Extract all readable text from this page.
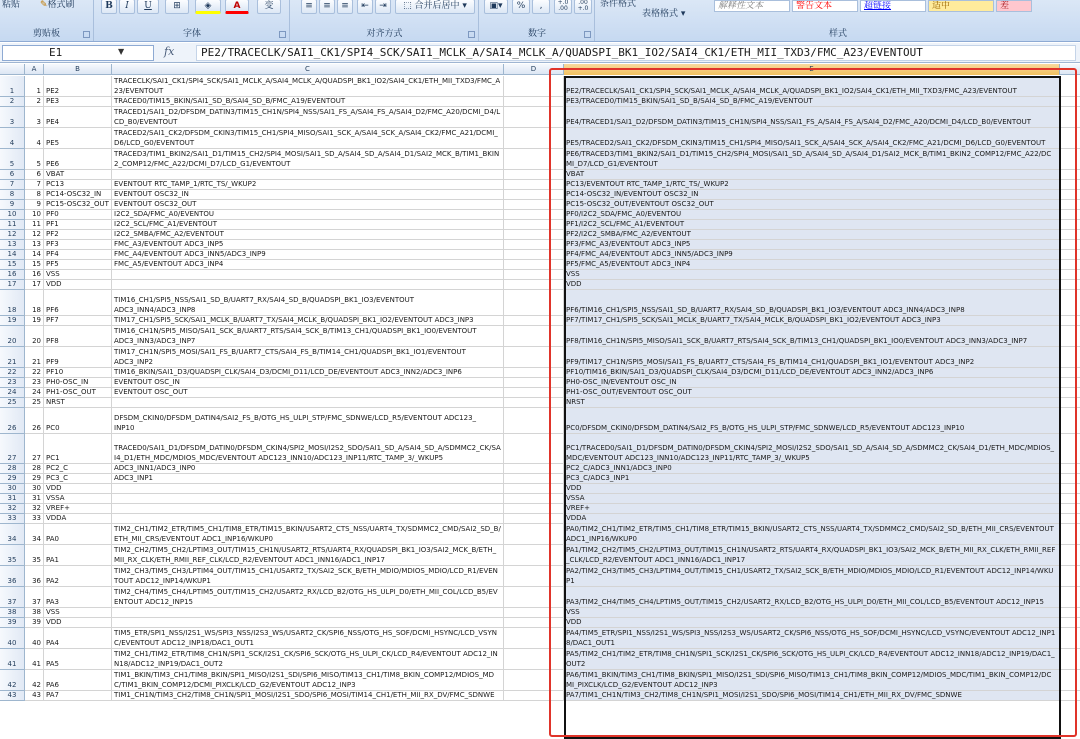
粘贴 ✎格式刷
剪贴板
B	I	U	⊞	◈	A	变
字体
≡	≡	≡	⇤	⇥	⬚ 合并后居中 ▾
对齐方式
▣▾	%	,	+.0 .00
.00 +.0
数字
条件格式
表格格式 ▾
解释性文本	警告文本	超链接	适中	差
样式
E1	▼	fx	PE2/TRACECLK/SAI1_CK1/SPI4_SCK/SAI1_MCLK_A/SAI4_MCLK_A/QUADSPI_BK1_IO2/SAI4_CK1/ETH_MII_TXD3/FMC_A23/EVENTOUT
A	B	C	D	E
1	1 PE2
TRACECLK/SAI1_CK1/SPI4_SCK/SAI1_MCLK_A/SAI4_MCLK_A/QUADSPI_BK1_IO2/SAI4_CK1/ETH_MII_TXD3/FMC_A23/EVENTOUT	PE2/TRACECLK/SAI1_CK1/SPI4_SCK/SAI1_MCLK_A/SAI4_MCLK_A/QUADSPI_BK1_IO2/SAI4_CK1/ETH_MII_TXD3/FMC_A23/EVENTOUT
2	2 PE3	TRACED0/TIM15_BKIN/SAI1_SD_B/SAI4_SD_B/FMC_A19/EVENTOUT	PE3/TRACED0/TIM15_BKIN/SAI1_SD_B/SAI4_SD_B/FMC_A19/EVENTOUT
3	3 PE4
TRACED1/SAI1_D2/DFSDM_DATIN3/TIM15_CH1N/SPI4_NSS/SAI1_FS_A/SAI4_FS_A/SAI4_D2/FMC_A20/DCMI_D4/LCD_B0/EVENTOUT	PE4/TRACED1/SAI1_D2/DFSDM_DATIN3/TIM15_CH1N/SPI4_NSS/SAI1_FS_A/SAI4_FS_A/SAI4_D2/FMC_A20/DCMI_D4/LCD_B0/EVENTOUT
4	4 PE5
TRACED2/SAI1_CK2/DFSDM_CKIN3/TIM15_CH1/SPI4_MISO/SAI1_SCK_A/SAI4_SCK_A/SAI4_CK2/FMC_A21/DCMI_D6/LCD_G0/EVENTOUT	PE5/TRACED2/SAI1_CK2/DFSDM_CKIN3/TIM15_CH1/SPI4_MISO/SAI1_SCK_A/SAI4_SCK_A/SAI4_CK2/FMC_A21/DCMI_D6/LCD_G0/EVENTOUT
5	5 PE6
TRACED3/TIM1_BKIN2/SAI1_D1/TIM15_CH2/SPI4_MOSI/SAI1_SD_A/SAI4_SD_A/SAI4_D1/SAI2_MCK_B/TIM1_BKIN2_COMP12/FMC_A22/DCMI_D7/LCD_G1/EVENTOUT
PE6/TRACED3/TIM1_BKIN2/SAI1_D1/TIM15_CH2/SPI4_MOSI/SAI1_SD_A/SAI4_SD_A/SAI4_D1/SAI2_MCK_B/TIM1_BKIN2_COMP12/FMC_A22/DCMI_D7/LCD_G1/EVENTOUT
6	6 VBAT	VBAT
7	7 PC13	EVENTOUT RTC_TAMP_1/RTC_TS/_WKUP2	PC13/EVENTOUT RTC_TAMP_1/RTC_TS/_WKUP2
8	8 PC14-OSC32_IN	EVENTOUT OSC32_IN	PC14-OSC32_IN/EVENTOUT OSC32_IN
9	9 PC15-OSC32_OUT EVENTOUT OSC32_OUT	PC15-OSC32_OUT/EVENTOUT OSC32_OUT
10	10 PF0	I2C2_SDA/FMC_A0/EVENTOU	PF0/I2C2_SDA/FMC_A0/EVENTOU
11	11 PF1	I2C2_SCL/FMC_A1/EVENTOUT	PF1/I2C2_SCL/FMC_A1/EVENTOUT
12	12 PF2	I2C2_SMBA/FMC_A2/EVENTOUT	PF2/I2C2_SMBA/FMC_A2/EVENTOUT
13	13 PF3	FMC_A3/EVENTOUT ADC3_INP5	PF3/FMC_A3/EVENTOUT ADC3_INP5
14	14 PF4	FMC_A4/EVENTOUT ADC3_INN5/ADC3_INP9	PF4/FMC_A4/EVENTOUT ADC3_INN5/ADC3_INP9
15	15 PF5	FMC_A5/EVENTOUT ADC3_INP4	PF5/FMC_A5/EVENTOUT ADC3_INP4
16	16 VSS	VSS
17	17 VDD	VDD
18	18 PF6
TIM16_CH1/SPI5_NSS/SAI1_SD_B/UART7_RX/SAI4_SD_B/QUADSPI_BK1_IO3/EVENTOUT
ADC3_INN4/ADC3_INP8	PF6/TIM16_CH1/SPI5_NSS/SAI1_SD_B/UART7_RX/SAI4_SD_B/QUADSPI_BK1_IO3/EVENTOUT ADC3_INN4/ADC3_INP8
19	19 PF7	TIM17_CH1/SPI5_SCK/SAI1_MCLK_B/UART7_TX/SAI4_MCLK_B/QUADSPI_BK1_IO2/EVENTOUT ADC3_INP3	PF7/TIM17_CH1/SPI5_SCK/SAI1_MCLK_B/UART7_TX/SAI4_MCLK_B/QUADSPI_BK1_IO2/EVENTOUT ADC3_INP3
20	20 PF8
TIM16_CH1N/SPI5_MISO/SAI1_SCK_B/UART7_RTS/SAI4_SCK_B/TIM13_CH1/QUADSPI_BK1_IO0/EVENTOUT
ADC3_INN3/ADC3_INP7	PF8/TIM16_CH1N/SPI5_MISO/SAI1_SCK_B/UART7_RTS/SAI4_SCK_B/TIM13_CH1/QUADSPI_BK1_IO0/EVENTOUT ADC3_INN3/ADC3_INP7
21	21 PF9
TIM17_CH1N/SPI5_MOSI/SAI1_FS_B/UART7_CTS/SAI4_FS_B/TIM14_CH1/QUADSPI_BK1_IO1/EVENTOUT
ADC3_INP2	PF9/TIM17_CH1N/SPI5_MOSI/SAI1_FS_B/UART7_CTS/SAI4_FS_B/TIM14_CH1/QUADSPI_BK1_IO1/EVENTOUT ADC3_INP2
22	22 PF10	TIM16_BKIN/SAI1_D3/QUADSPI_CLK/SAI4_D3/DCMI_D11/LCD_DE/EVENTOUT ADC3_INN2/ADC3_INP6	PF10/TIM16_BKIN/SAI1_D3/QUADSPI_CLK/SAI4_D3/DCMI_D11/LCD_DE/EVENTOUT ADC3_INN2/ADC3_INP6
23	23 PH0-OSC_IN	EVENTOUT OSC_IN	PH0-OSC_IN/EVENTOUT OSC_IN
24	24 PH1-OSC_OUT	EVENTOUT OSC_OUT	PH1-OSC_OUT/EVENTOUT OSC_OUT
25	25 NRST	NRST
26	26 PC0
DFSDM_CKIN0/DFSDM_DATIN4/SAI2_FS_B/OTG_HS_ULPI_STP/FMC_SDNWE/LCD_R5/EVENTOUT ADC123_
INP10	PC0/DFSDM_CKIN0/DFSDM_DATIN4/SAI2_FS_B/OTG_HS_ULPI_STP/FMC_SDNWE/LCD_R5/EVENTOUT ADC123_INP10
27	27 PC1
TRACED0/SAI1_D1/DFSDM_DATIN0/DFSDM_CKIN4/SPI2_MOSI/I2S2_SDO/SAI1_SD_A/SAI4_SD_A/SDMMC2_CK/SAI4_D1/ETH_MDC/MDIOS_MDC/EVENTOUT ADC123_INN10/ADC123_INP11/RTC_TAMP_3/_WKUP5
PC1/TRACED0/SAI1_D1/DFSDM_DATIN0/DFSDM_CKIN4/SPI2_MOSI/I2S2_SDO/SAI1_SD_A/SAI4_SD_A/SDMMC2_CK/SAI4_D1/ETH_MDC/MDIOS_MDC/EVENTOUT ADC123_INN10/ADC123_INP11/RTC_TAMP_3/_WKUP5
28	28 PC2_C	ADC3_INN1/ADC3_INP0	PC2_C/ADC3_INN1/ADC3_INP0
29	29 PC3_C	ADC3_INP1	PC3_C/ADC3_INP1
30	30 VDD	VDD
31	31 VSSA	VSSA
32	32 VREF+	VREF+
33	33 VDDA	VDDA
34	34 PA0
TIM2_CH1/TIM2_ETR/TIM5_CH1/TIM8_ETR/TIM15_BKIN/USART2_CTS_NSS/UART4_TX/SDMMC2_CMD/SAI2_SD_B/ETH_MII_CRS/EVENTOUT ADC1_INP16/WKUP0
PA0/TIM2_CH1/TIM2_ETR/TIM5_CH1/TIM8_ETR/TIM15_BKIN/USART2_CTS_NSS/UART4_TX/SDMMC2_CMD/SAI2_SD_B/ETH_MII_CRS/EVENTOUT ADC1_INP16/WKUP0
35	35 PA1
TIM2_CH2/TIM5_CH2/LPTIM3_OUT/TIM15_CH1N/USART2_RTS/UART4_RX/QUADSPI_BK1_IO3/SAI2_MCK_B/ETH_MII_RX_CLK/ETH_RMII_REF_CLK/LCD_R2/EVENTOUT ADC1_INN16/ADC1_INP17
PA1/TIM2_CH2/TIM5_CH2/LPTIM3_OUT/TIM15_CH1N/USART2_RTS/UART4_RX/QUADSPI_BK1_IO3/SAI2_MCK_B/ETH_MII_RX_CLK/ETH_RMII_REF_CLK/LCD_R2/EVENTOUT ADC1_INN16/ADC1_INP17
36	36 PA2
TIM2_CH3/TIM5_CH3/LPTIM4_OUT/TIM15_CH1/USART2_TX/SAI2_SCK_B/ETH_MDIO/MDIOS_MDIO/LCD_R1/EVENTOUT ADC12_INP14/WKUP1
PA2/TIM2_CH3/TIM5_CH3/LPTIM4_OUT/TIM15_CH1/USART2_TX/SAI2_SCK_B/ETH_MDIO/MDIOS_MDIO/LCD_R1/EVENTOUT ADC12_INP14/WKUP1
37	37 PA3
TIM2_CH4/TIM5_CH4/LPTIM5_OUT/TIM15_CH2/USART2_RX/LCD_B2/OTG_HS_ULPI_D0/ETH_MII_COL/LCD_B5/EVENTOUT ADC12_INP15	PA3/TIM2_CH4/TIM5_CH4/LPTIM5_OUT/TIM15_CH2/USART2_RX/LCD_B2/OTG_HS_ULPI_D0/ETH_MII_COL/LCD_B5/EVENTOUT ADC12_INP15
38	38 VSS	VSS
39	39 VDD	VDD
40	40 PA4
TIM5_ETR/SPI1_NSS/I2S1_WS/SPI3_NSS/I2S3_WS/USART2_CK/SPI6_NSS/OTG_HS_SOF/DCMI_HSYNC/LCD_VSYNC/EVENTOUT ADC12_INP18/DAC1_OUT1
PA4/TIM5_ETR/SPI1_NSS/I2S1_WS/SPI3_NSS/I2S3_WS/USART2_CK/SPI6_NSS/OTG_HS_SOF/DCMI_HSYNC/LCD_VSYNC/EVENTOUT ADC12_INP18/DAC1_OUT1
41	41 PA5
TIM2_CH1/TIM2_ETR/TIM8_CH1N/SPI1_SCK/I2S1_CK/SPI6_SCK/OTG_HS_ULPI_CK/LCD_R4/EVENTOUT ADC12_INN18/ADC12_INP19/DAC1_OUT2
PA5/TIM2_CH1/TIM2_ETR/TIM8_CH1N/SPI1_SCK/I2S1_CK/SPI6_SCK/OTG_HS_ULPI_CK/LCD_R4/EVENTOUT ADC12_INN18/ADC12_INP19/DAC1_OUT2
42	42 PA6
TIM1_BKIN/TIM3_CH1/TIM8_BKIN/SPI1_MISO/I2S1_SDI/SPI6_MISO/TIM13_CH1/TIM8_BKIN_COMP12/MDIOS_MDC/TIM1_BKIN_COMP12/DCMI_PIXCLK/LCD_G2/EVENTOUT ADC12_INP3
PA6/TIM1_BKIN/TIM3_CH1/TIM8_BKIN/SPI1_MISO/I2S1_SDI/SPI6_MISO/TIM13_CH1/TIM8_BKIN_COMP12/MDIOS_MDC/TIM1_BKIN_COMP12/DCMI_PIXCLK/LCD_G2/EVENTOUT ADC12_INP3
43	43 PA7	TIM1_CH1N/TIM3_CH2/TIM8_CH1N/SPI1_MOSI/I2S1_SDO/SPI6_MOSI/TIM14_CH1/ETH_MII_RX_DV/FMC_SDNWE	PA7/TIM1_CH1N/TIM3_CH2/TIM8_CH1N/SPI1_MOSI/I2S1_SDO/SPI6_MOSI/TIM14_CH1/ETH_MII_RX_DV/FMC_SDNWE
